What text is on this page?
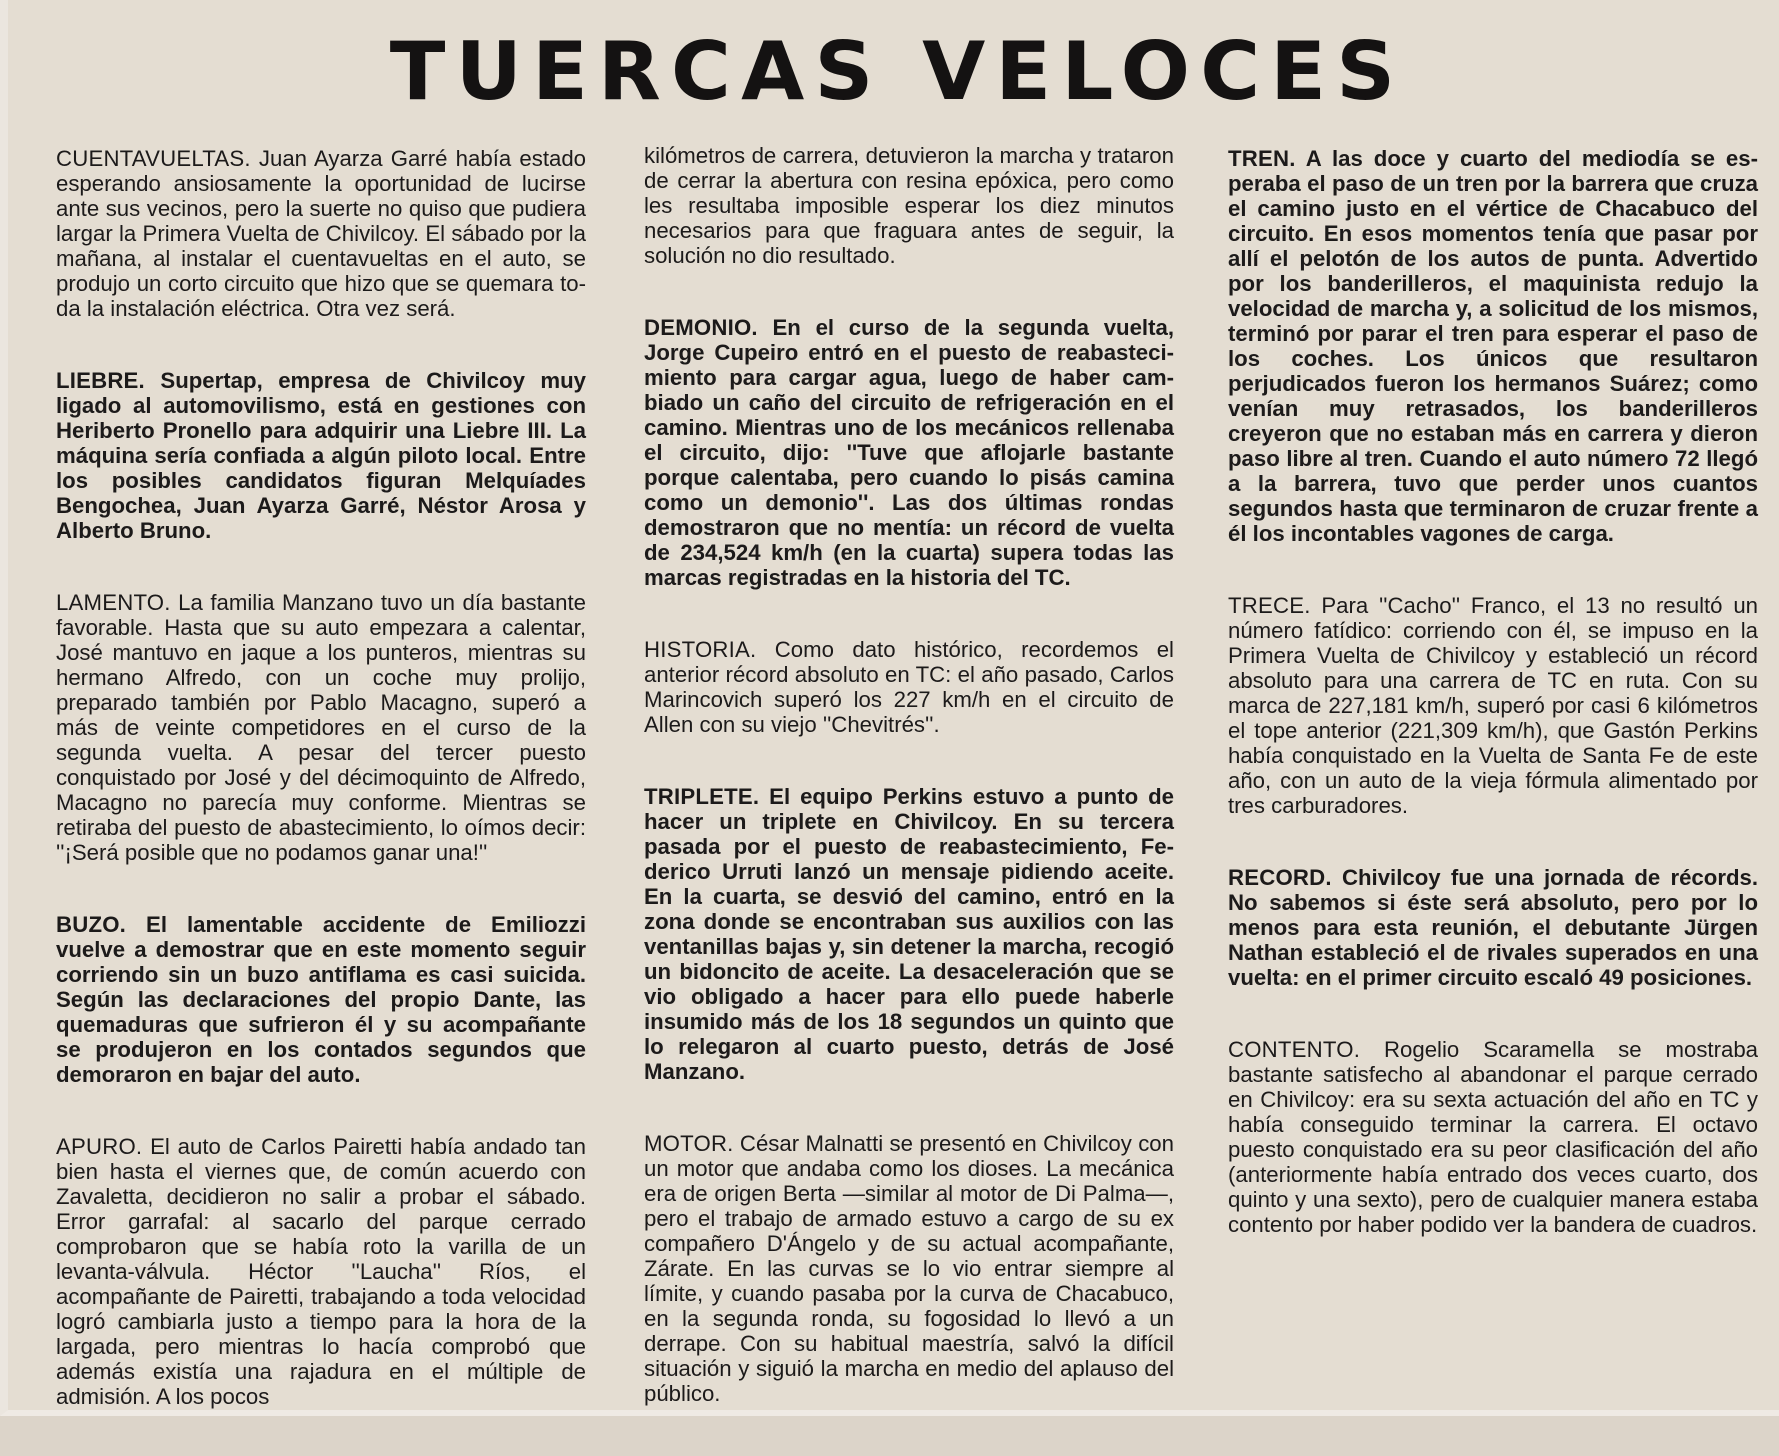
TUERCAS VELOCES

CUENTAVUELTAS. Juan Ayarza Garré había estado esperando ansiosamente la oportunidad de lucirse ante sus vecinos, pero la suerte no quiso que pudiera largar la Primera Vuelta de Chivilcoy. El sábado por la mañana, al instalar el cuentavueltas en el auto, se produjo un corto circuito que hizo que se quemara toda la instalación eléctrica. Otra vez será.

LIEBRE. Supertap, empresa de Chivilcoy muy ligado al automovilismo, está en gestiones con Heriberto Pronello para adquirir una Liebre III. La máquina sería confiada a algún piloto local. Entre los posibles candidatos figuran Melquíades Bengochea, Juan Ayarza Garré, Néstor Arosa y Alberto Bruno.

LAMENTO. La familia Manzano tuvo un día bastante favorable. Hasta que su auto empezara a calentar, José mantuvo en jaque a los punteros, mientras su hermano Alfredo, con un coche muy prolijo, preparado también por Pablo Macagno, superó a más de veinte competidores en el curso de la segunda vuelta. A pesar del tercer puesto conquistado por José y del décimoquinto de Alfredo, Macagno no parecía muy conforme. Mientras se retiraba del puesto de abastecimiento, lo oímos decir: ''¡Será posible que no podamos ganar una!''

BUZO. El lamentable accidente de Emiliozzi vuelve a demostrar que en este momento seguir corriendo sin un buzo antiflama es casi suicida. Según las declaraciones del propio Dante, las quemaduras que sufrieron él y su acompañante se produjeron en los contados segundos que demoraron en bajar del auto.

APURO. El auto de Carlos Pairetti había andado tan bien hasta el viernes que, de común acuerdo con Zavaletta, decidieron no salir a probar el sábado. Error garrafal: al sacarlo del parque cerrado comprobaron que se había roto la varilla de un levanta-válvula. Héctor ''Laucha'' Ríos, el acompañante de Pairetti, trabajando a toda velocidad logró cambiarla justo a tiempo para la hora de la largada, pero mientras lo hacía comprobó que además existía una rajadura en el múltiple de admisión. A los pocos

kilómetros de carrera, detuvieron la marcha y trataron de cerrar la abertura con resina epóxica, pero como les resultaba imposible esperar los diez minutos necesarios para que fraguara antes de seguir, la solución no dio resultado.

DEMONIO. En el curso de la segunda vuelta, Jorge Cupeiro entró en el puesto de reabastecimiento para cargar agua, luego de haber cambiado un caño del circuito de refrigeración en el camino. Mientras uno de los mecánicos rellenaba el circuito, dijo: ''Tuve que aflojarle bastante porque calentaba, pero cuando lo pisás camina como un demonio''. Las dos últimas rondas demostraron que no mentía: un récord de vuelta de 234,524 km/h (en la cuarta) supera todas las marcas registradas en la historia del TC.

HISTORIA. Como dato histórico, recordemos el anterior récord absoluto en TC: el año pasado, Carlos Marincovich superó los 227 km/h en el circuito de Allen con su viejo ''Chevitrés''.

TRIPLETE. El equipo Perkins estuvo a punto de hacer un triplete en Chivilcoy. En su tercera pasada por el puesto de reabastecimiento, Federico Urruti lanzó un mensaje pidiendo aceite. En la cuarta, se desvió del camino, entró en la zona donde se encontraban sus auxilios con las ventanillas bajas y, sin detener la marcha, recogió un bidoncito de aceite. La desaceleración que se vio obligado a hacer para ello puede haberle insumido más de los 18 segundos un quinto que lo relegaron al cuarto puesto, detrás de José Manzano.

MOTOR. César Malnatti se presentó en Chivilcoy con un motor que andaba como los dioses. La mecánica era de origen Berta —similar al motor de Di Palma—, pero el trabajo de armado estuvo a cargo de su ex compañero D'Ángelo y de su actual acompañante, Zárate. En las curvas se lo vio entrar siempre al límite, y cuando pasaba por la curva de Chacabuco, en la segunda ronda, su fogosidad lo llevó a un derrape. Con su habitual maestría, salvó la difícil situación y siguió la marcha en medio del aplauso del público.

TREN. A las doce y cuarto del mediodía se esperaba el paso de un tren por la barrera que cruza el camino justo en el vértice de Chacabuco del circuito. En esos momentos tenía que pasar por allí el pelotón de los autos de punta. Advertido por los banderilleros, el maquinista redujo la velocidad de marcha y, a solicitud de los mismos, terminó por parar el tren para esperar el paso de los coches. Los únicos que resultaron perjudicados fueron los hermanos Suárez; como venían muy retrasados, los banderilleros creyeron que no estaban más en carrera y dieron paso libre al tren. Cuando el auto número 72 llegó a la barrera, tuvo que perder unos cuantos segundos hasta que terminaron de cruzar frente a él los incontables vagones de carga.

TRECE. Para ''Cacho'' Franco, el 13 no resultó un número fatídico: corriendo con él, se impuso en la Primera Vuelta de Chivilcoy y estableció un récord absoluto para una carrera de TC en ruta. Con su marca de 227,181 km/h, superó por casi 6 kilómetros el tope anterior (221,309 km/h), que Gastón Perkins había conquistado en la Vuelta de Santa Fe de este año, con un auto de la vieja fórmula alimentado por tres carburadores.

RECORD. Chivilcoy fue una jornada de récords. No sabemos si éste será absoluto, pero por lo menos para esta reunión, el debutante Jürgen Nathan estableció el de rivales superados en una vuelta: en el primer circuito escaló 49 posiciones.

CONTENTO. Rogelio Scaramella se mostraba bastante satisfecho al abandonar el parque cerrado en Chivilcoy: era su sexta actuación del año en TC y había conseguido terminar la carrera. El octavo puesto conquistado era su peor clasificación del año (anteriormente había entrado dos veces cuarto, dos quinto y una sexto), pero de cualquier manera estaba contento por haber podido ver la bandera de cuadros.
